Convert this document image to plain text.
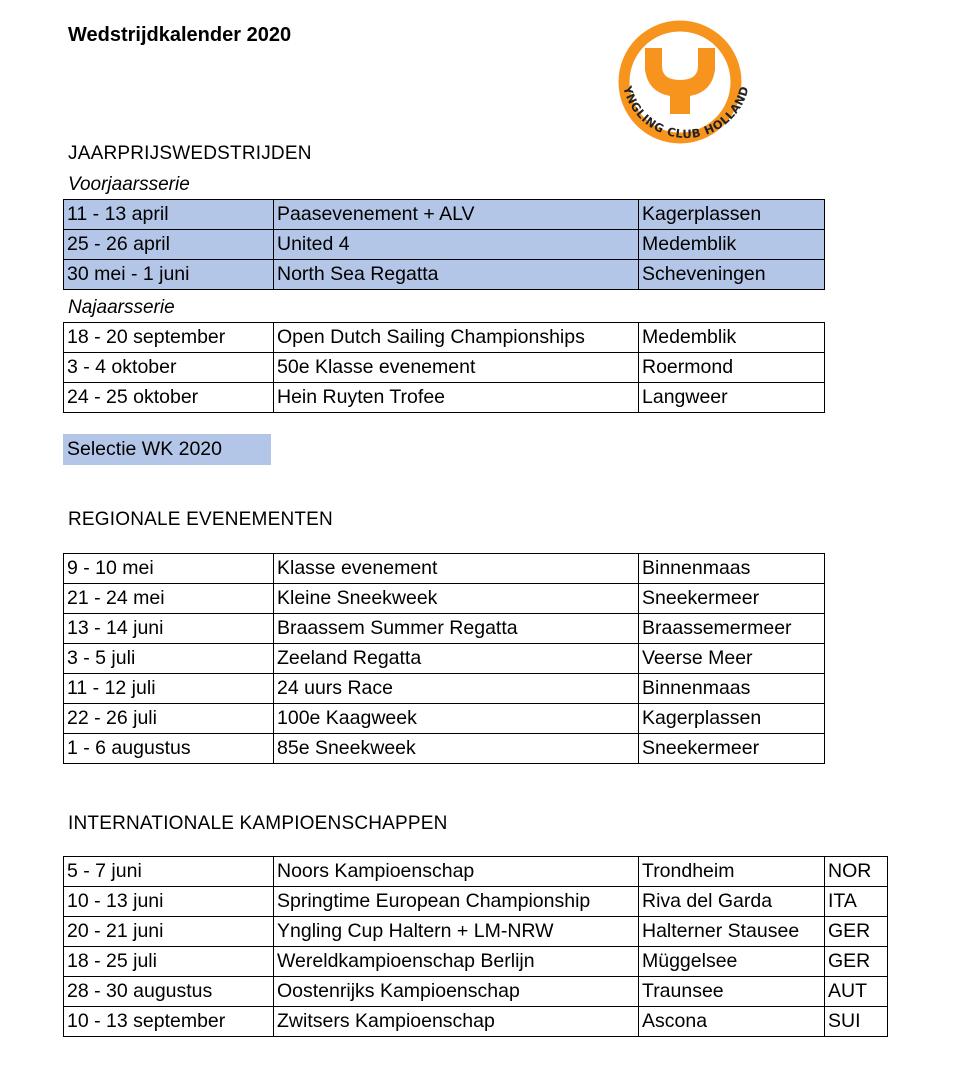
Wedstrijdkalender 2020
YNGLING CLUB HOLLAND
JAARPRIJSWEDSTRIJDEN
Voorjaarsserie
11 - 13 april	Paasevenement + ALV	Kagerplassen
25 - 26 april	United 4	Medemblik
30 mei - 1 juni	North Sea Regatta	Scheveningen
Najaarsserie
18 - 20 september	Open Dutch Sailing Championships	Medemblik
3 - 4 oktober	50e Klasse evenement	Roermond
24 - 25 oktober	Hein Ruyten Trofee	Langweer
Selectie WK 2020
REGIONALE EVENEMENTEN
9 - 10 mei	Klasse evenement	Binnenmaas
21 - 24 mei	Kleine Sneekweek	Sneekermeer
13 - 14 juni	Braassem Summer Regatta	Braassemermeer
3 - 5 juli	Zeeland Regatta	Veerse Meer
11 - 12 juli	24 uurs Race	Binnenmaas
22 - 26 juli	100e Kaagweek	Kagerplassen
1 - 6 augustus	85e Sneekweek	Sneekermeer
INTERNATIONALE KAMPIOENSCHAPPEN
5 - 7 juni	Noors Kampioenschap	Trondheim	NOR
10 - 13 juni	Springtime European Championship	Riva del Garda	ITA
20 - 21 juni	Yngling Cup Haltern + LM-NRW	Halterner Stausee	GER
18 - 25 juli	Wereldkampioenschap Berlijn	Müggelsee	GER
28 - 30 augustus	Oostenrijks Kampioenschap	Traunsee	AUT
10 - 13 september	Zwitsers Kampioenschap	Ascona	SUI
